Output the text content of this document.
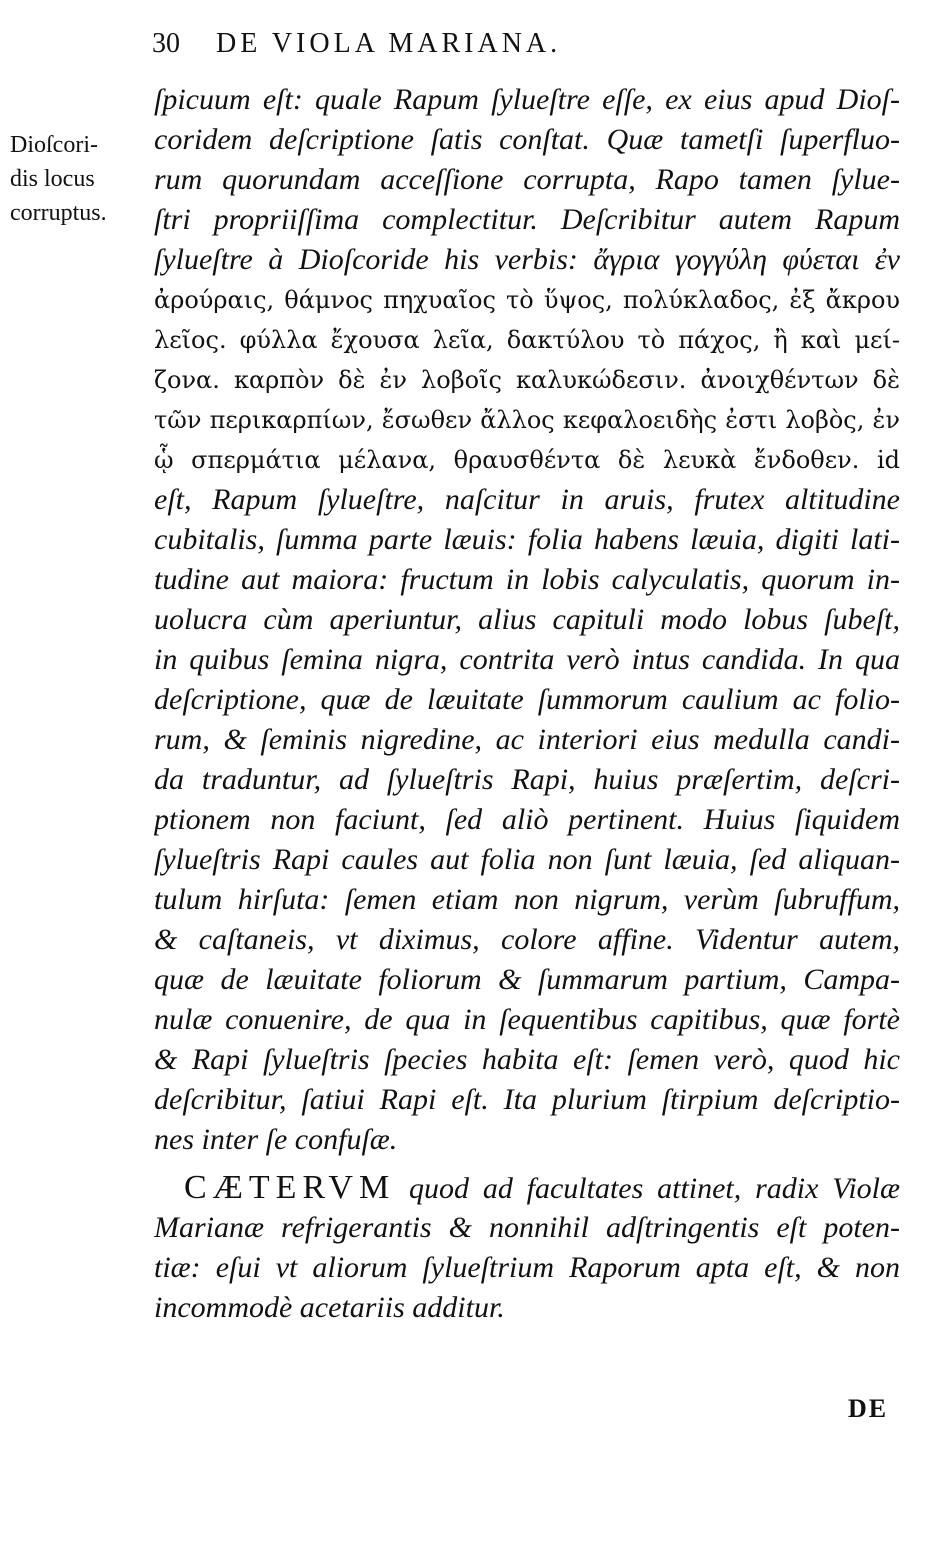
30 DE VIOLA MARIANA.
Dioſcori-
dis locus
corruptus.
ſpicuum eſt: quale Rapum ſylueſtre eſſe, ex eius apud Dioſ-
coridem deſcriptione ſatis conſtat. Quæ tametſi ſuperfluo-
rum quorundam acceſſione corrupta, Rapo tamen ſylue-
ſtri propriiſſima complectitur. Deſcribitur autem Rapum
ſylueſtre à Dioſcoride his verbis: ἄγρια γογγύλη φύεται ἐν
ἀρούραις, θάμνος πηχυαῖος τὸ ὕψος, πολύκλαδος, ἐξ ἄκρου
λεῖος. φύλλα ἔχουσα λεῖα, δακτύλου τὸ πάχος, ἢ καὶ μεί-
ζονα. καρπὸν δὲ ἐν λοβοῖς καλυκώδεσιν. ἀνοιχθέντων δὲ
τῶν περικαρπίων, ἔσωθεν ἄλλος κεφαλοειδὴς ἐστι λοβὸς, ἐν
ᾧ σπερμάτια μέλανα, θραυσθέντα δὲ λευκὰ ἔνδοθεν. id
eſt, Rapum ſylueſtre, naſcitur in aruis, frutex altitudine
cubitalis, ſumma parte læuis: folia habens læuia, digiti lati-
tudine aut maiora: fructum in lobis calyculatis, quorum in-
uolucra cùm aperiuntur, alius capituli modo lobus ſubeſt,
in quibus ſemina nigra, contrita verò intus candida. In qua
deſcriptione, quæ de læuitate ſummorum caulium ac folio-
rum, & ſeminis nigredine, ac interiori eius medulla candi-
da traduntur, ad ſylueſtris Rapi, huius præſertim, deſcri-
ptionem non faciunt, ſed aliò pertinent. Huius ſiquidem
ſylueſtris Rapi caules aut folia non ſunt læuia, ſed aliquan-
tulum hirſuta: ſemen etiam non nigrum, verùm ſubruffum,
& caſtaneis, vt diximus, colore affine. Videntur autem,
quæ de læuitate foliorum & ſummarum partium, Campa-
nulæ conuenire, de qua in ſequentibus capitibus, quæ fortè
& Rapi ſylueſtris ſpecies habita eſt: ſemen verò, quod hic
deſcribitur, ſatiui Rapi eſt. Ita plurium ſtirpium deſcriptio-
nes inter ſe confuſæ.
CÆTERVM quod ad facultates attinet, radix Violæ
Marianæ refrigerantis & nonnihil adſtringentis eſt poten-
tiæ: eſui vt aliorum ſylueſtrium Raporum apta eſt, & non
incommodè acetariis additur.
DE
